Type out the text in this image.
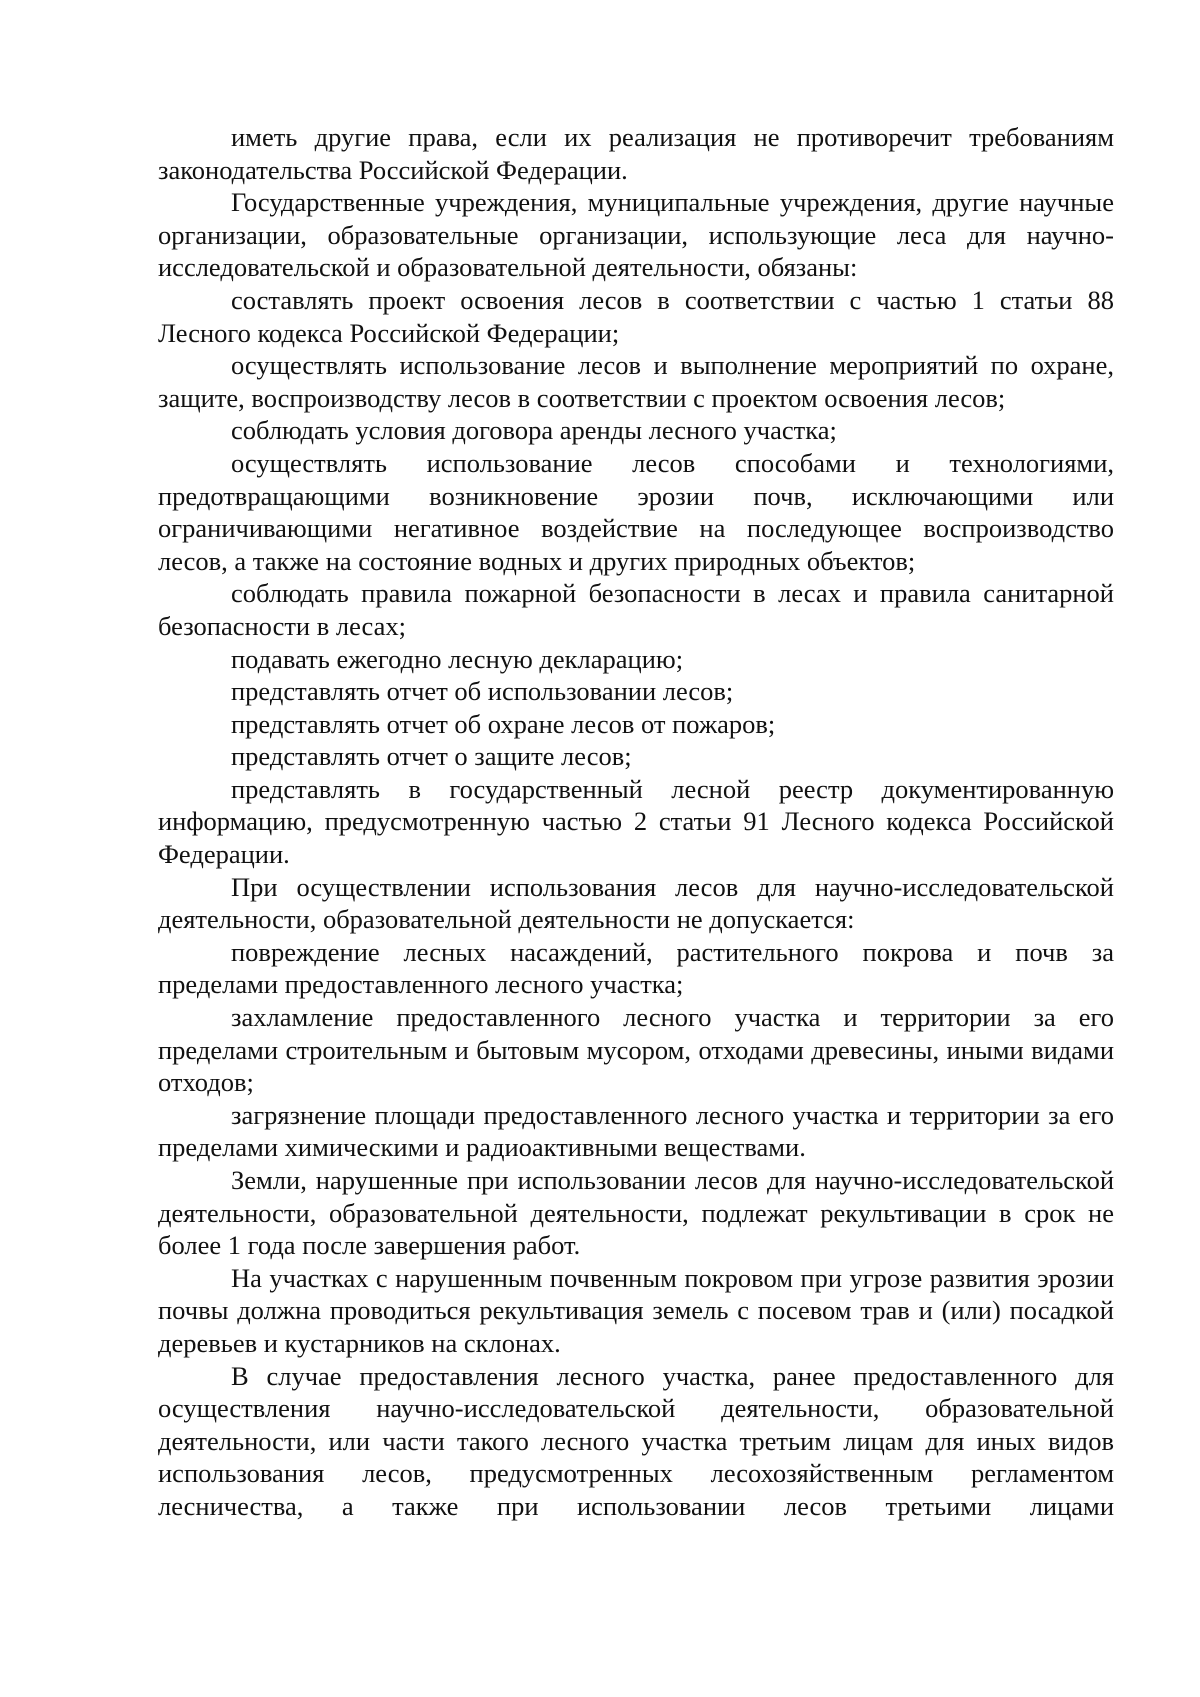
иметь другие права, если их реализация не противоречит требованиям законодательства Российской Федерации.

Государственные учреждения, муниципальные учреждения, другие научные организации, образовательные организации, использующие леса для научно-исследовательской и образовательной деятельности, обязаны:

составлять проект освоения лесов в соответствии с частью 1 статьи 88 Лесного кодекса Российской Федерации;

осуществлять использование лесов и выполнение мероприятий по охране, защите, воспроизводству лесов в соответствии с проектом освоения лесов;

соблюдать условия договора аренды лесного участка;

осуществлять использование лесов способами и технологиями, предотвращающими возникновение эрозии почв, исключающими или ограничивающими негативное воздействие на последующее воспроизводство лесов, а также на состояние водных и других природных объектов;

соблюдать правила пожарной безопасности в лесах и правила санитарной безопасности в лесах;

подавать ежегодно лесную декларацию;

представлять отчет об использовании лесов;

представлять отчет об охране лесов от пожаров;

представлять отчет о защите лесов;

представлять в государственный лесной реестр документированную информацию, предусмотренную частью 2 статьи 91 Лесного кодекса Российской Федерации.

При осуществлении использования лесов для научно-исследовательской деятельности, образовательной деятельности не допускается:

повреждение лесных насаждений, растительного покрова и почв за пределами предоставленного лесного участка;

захламление предоставленного лесного участка и территории за его пределами строительным и бытовым мусором, отходами древесины, иными видами отходов;

загрязнение площади предоставленного лесного участка и территории за его пределами химическими и радиоактивными веществами.

Земли, нарушенные при использовании лесов для научно-исследовательской деятельности, образовательной деятельности, подлежат рекультивации в срок не более 1 года после завершения работ.

На участках с нарушенным почвенным покровом при угрозе развития эрозии почвы должна проводиться рекультивация земель с посевом трав и (или) посадкой деревьев и кустарников на склонах.

В случае предоставления лесного участка, ранее предоставленного для осуществления научно-исследовательской деятельности, образовательной деятельности, или части такого лесного участка третьим лицам для иных видов использования лесов, предусмотренных лесохозяйственным регламентом лесничества, а также при использовании лесов третьими лицами
